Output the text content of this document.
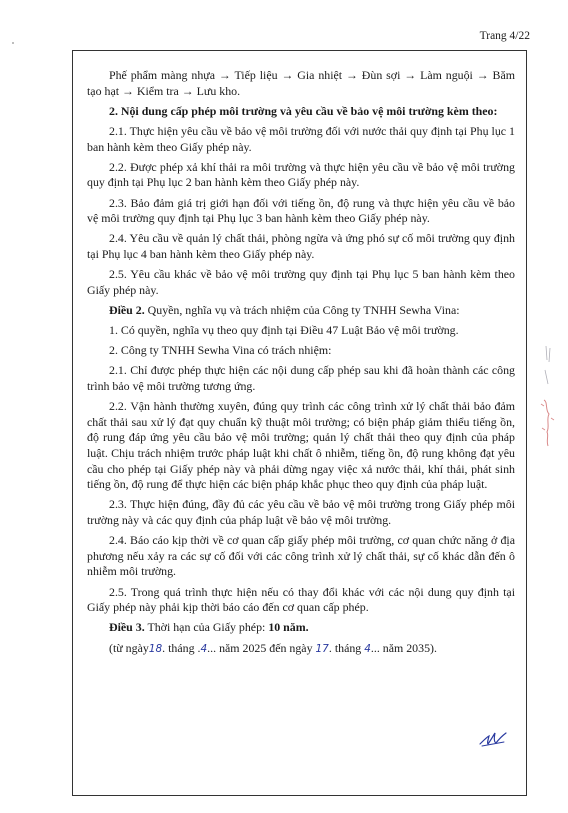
Trang 4/22

Phế phẩm màng nhựa → Tiếp liệu → Gia nhiệt → Đùn sợi → Làm nguội → Băm tạo hạt → Kiểm tra → Lưu kho.

2. Nội dung cấp phép môi trường và yêu cầu về bảo vệ môi trường kèm theo:

2.1. Thực hiện yêu cầu về bảo vệ môi trường đối với nước thải quy định tại Phụ lục 1 ban hành kèm theo Giấy phép này.

2.2. Được phép xả khí thải ra môi trường và thực hiện yêu cầu về bảo vệ môi trường quy định tại Phụ lục 2 ban hành kèm theo Giấy phép này.

2.3. Bảo đảm giá trị giới hạn đối với tiếng ồn, độ rung và thực hiện yêu cầu về bảo vệ môi trường quy định tại Phụ lục 3 ban hành kèm theo Giấy phép này.

2.4. Yêu cầu về quản lý chất thải, phòng ngừa và ứng phó sự cố môi trường quy định tại Phụ lục 4 ban hành kèm theo Giấy phép này.

2.5. Yêu cầu khác về bảo vệ môi trường quy định tại Phụ lục 5 ban hành kèm theo Giấy phép này.

Điều 2. Quyền, nghĩa vụ và trách nhiệm của Công ty TNHH Sewha Vina:

1. Có quyền, nghĩa vụ theo quy định tại Điều 47 Luật Bảo vệ môi trường.

2. Công ty TNHH Sewha Vina có trách nhiệm:

2.1. Chỉ được phép thực hiện các nội dung cấp phép sau khi đã hoàn thành các công trình bảo vệ môi trường tương ứng.

2.2. Vận hành thường xuyên, đúng quy trình các công trình xử lý chất thải bảo đảm chất thải sau xử lý đạt quy chuẩn kỹ thuật môi trường; có biện pháp giảm thiểu tiếng ồn, độ rung đáp ứng yêu cầu bảo vệ môi trường; quản lý chất thải theo quy định của pháp luật. Chịu trách nhiệm trước pháp luật khi chất ô nhiễm, tiếng ồn, độ rung không đạt yêu cầu cho phép tại Giấy phép này và phải dừng ngay việc xả nước thải, khí thải, phát sinh tiếng ồn, độ rung để thực hiện các biện pháp khắc phục theo quy định của pháp luật.

2.3. Thực hiện đúng, đầy đủ các yêu cầu về bảo vệ môi trường trong Giấy phép môi trường này và các quy định của pháp luật về bảo vệ môi trường.

2.4. Báo cáo kịp thời về cơ quan cấp giấy phép môi trường, cơ quan chức năng ở địa phương nếu xảy ra các sự cố đối với các công trình xử lý chất thải, sự cố khác dẫn đến ô nhiễm môi trường.

2.5. Trong quá trình thực hiện nếu có thay đổi khác với các nội dung quy định tại Giấy phép này phải kịp thời báo cáo đến cơ quan cấp phép.

Điều 3. Thời hạn của Giấy phép: 10 năm.

(từ ngày18. tháng .4... năm 2025 đến ngày 17. tháng 4... năm 2035).
